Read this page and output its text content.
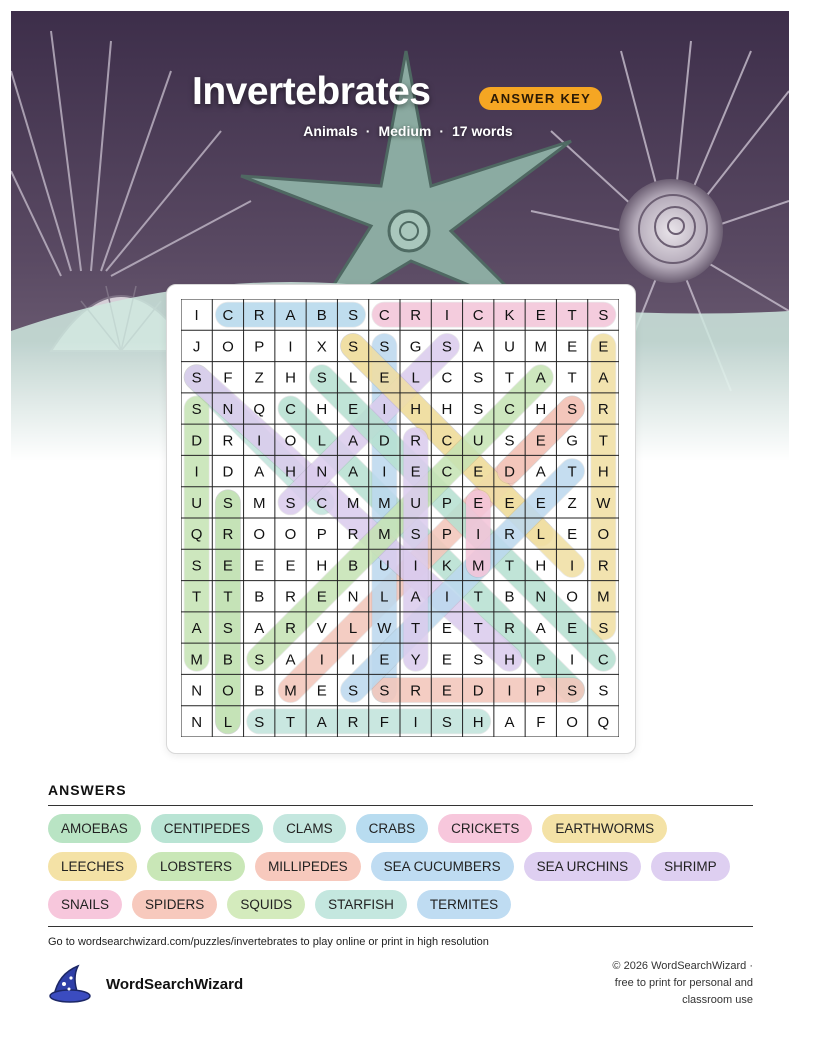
Invertebrates	ANSWER KEY
Animals · Medium · 17 words
I C R A B S C R I C K E T S
J O P I X S S G S A U M E E
S F Z H S L E L C S T A T A
S N Q C H E I H H S C H S R
D R I O L A D R C U S E G T
I D A H N A I E C E D A T H
U S M S C M M U P E E E Z W
Q R O O P R M S P I R L E O
S E E E H B U I K M T H I R
T T B R E N L A I T B N O M
A S A R V L W T E T R A E S
M B S A I I E Y E S H P I C
N O B M E S S R E D I P S S
N L S T A R F I S H A F O Q
ANSWERS
AMOEBAS	CENTIPEDES	CLAMS	CRABS	CRICKETS	EARTHWORMS
LEECHES	LOBSTERS	MILLIPEDES	SEA CUCUMBERS	SEA URCHINS	SHRIMP
SNAILS	SPIDERS	SQUIDS	STARFISH	TERMITES
Go to wordsearchwizard.com/puzzles/invertebrates to play online or print in high resolution
WordSearchWizard
© 2026 WordSearchWizard ·
free to print for personal and
classroom use
